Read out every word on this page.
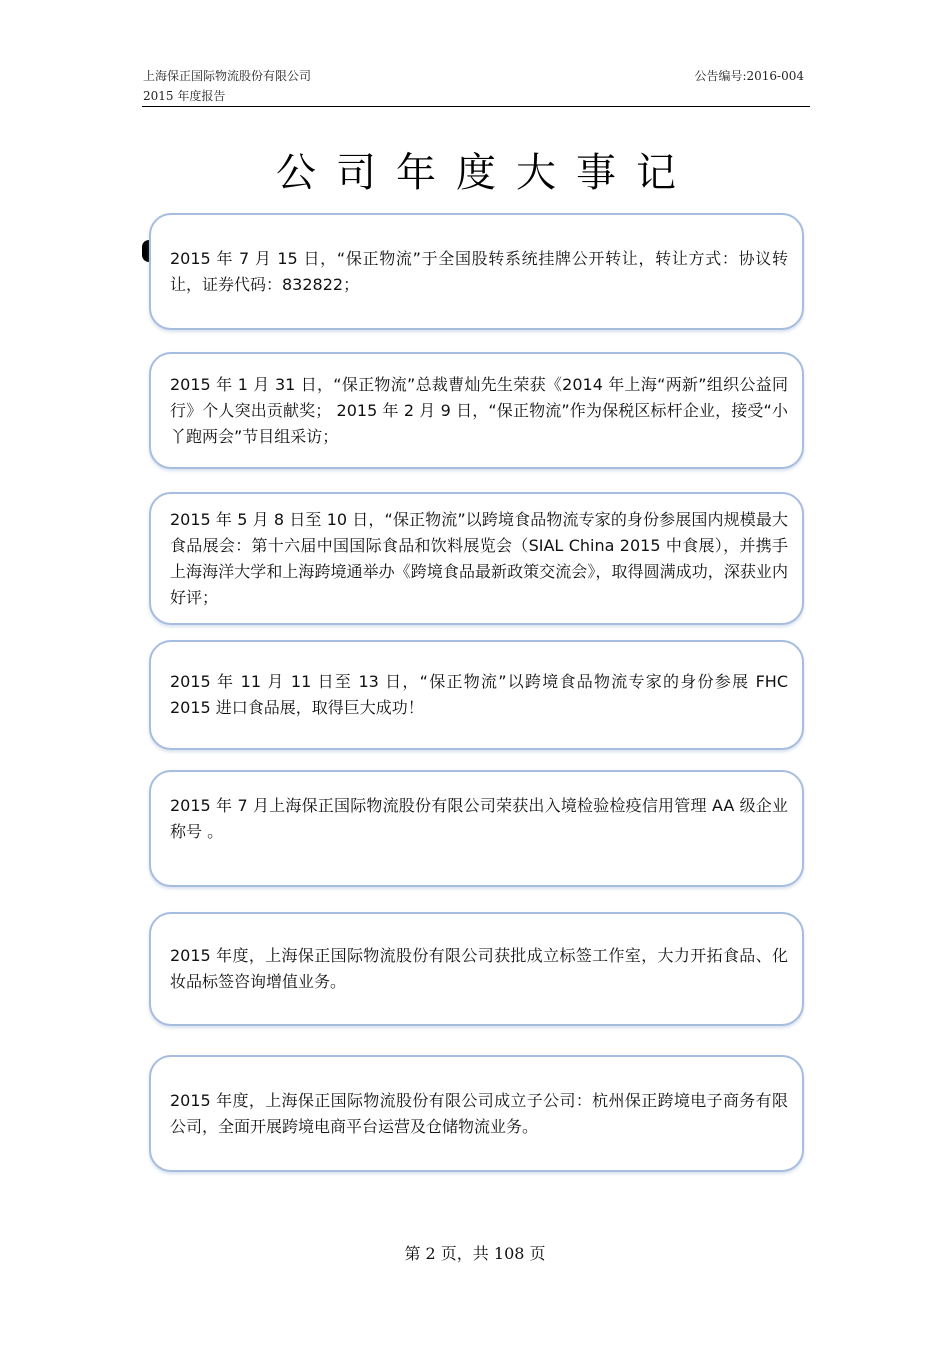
上海保正国际物流股份有限公司
2015 年度报告
公告编号:2016-004
公司年度大事记
2015 年 7 月 15 日，“保正物流”于全国股转系统挂牌公开转让，转让方式：协议转让，证券代码：832822；
2015 年 1 月 31 日，“保正物流”总裁曹灿先生荣获《2014 年上海“两新”组织公益同行》个人突出贡献奖； 2015 年 2 月 9 日，“保正物流”作为保税区标杆企业，接受“小丫跑两会”节目组采访；
2015 年 5 月 8 日至 10 日，“保正物流”以跨境食品物流专家的身份参展国内规模最大食品展会：第十六届中国国际食品和饮料展览会（SIAL China 2015 中食展），并携手上海海洋大学和上海跨境通举办《跨境食品最新政策交流会》，取得圆满成功，深获业内好评；
2015 年 11 月 11 日至 13 日，“保正物流”以跨境食品物流专家的身份参展 FHC 2015 进口食品展，取得巨大成功！
2015 年 7 月上海保正国际物流股份有限公司荣获出入境检验检疫信用管理 AA 级企业称号 。
2015 年度，上海保正国际物流股份有限公司获批成立标签工作室，大力开拓食品、化妆品标签咨询增值业务。
2015 年度，上海保正国际物流股份有限公司成立子公司：杭州保正跨境电子商务有限公司，全面开展跨境电商平台运营及仓储物流业务。
第 2 页，共 108 页
